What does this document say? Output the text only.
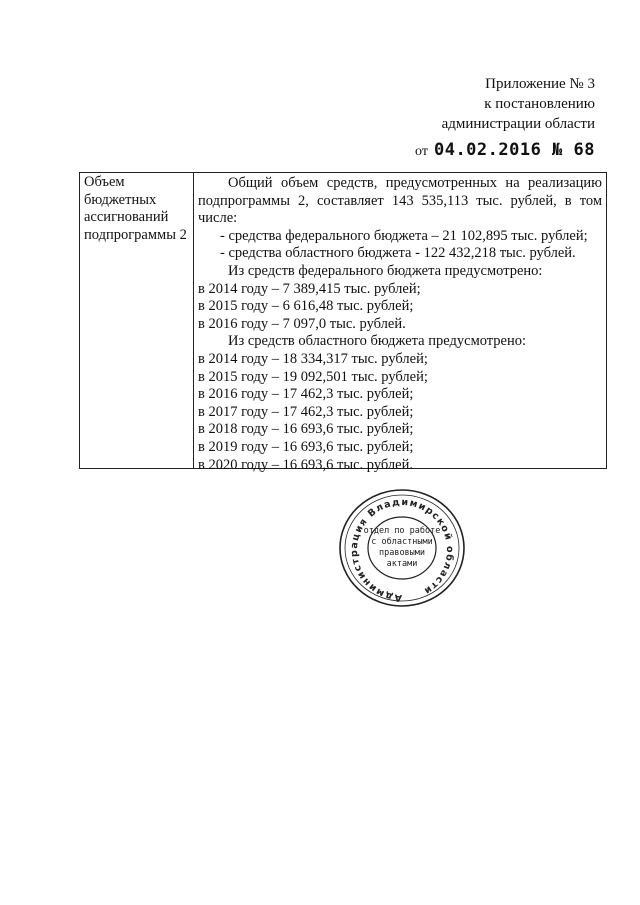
Приложение № 3
к постановлению
администрации области
от 04.02.2016 № 68
Объем
бюджетных
ассигнований
подпрограммы 2
Общий объем средств, предусмотренных на реализацию подпрограммы 2, составляет 143 535,113 тыс. рублей, в том числе:
- средства федерального бюджета – 21 102,895 тыс. рублей;
- средства областного бюджета - 122 432,218 тыс. рублей.
Из средств федерального бюджета предусмотрено:
в 2014 году – 7 389,415 тыс. рублей;
в 2015 году – 6 616,48 тыс. рублей;
в 2016 году – 7 097,0 тыс. рублей.
Из средств областного бюджета предусмотрено:
в 2014 году – 18 334,317 тыс. рублей;
в 2015 году – 19 092,501 тыс. рублей;
в 2016 году – 17 462,3 тыс. рублей;
в 2017 году – 17 462,3 тыс. рублей;
в 2018 году – 16 693,6 тыс. рублей;
в 2019 году – 16 693,6 тыс. рублей;
в 2020 году – 16 693,6 тыс. рублей.
Администрация Владимирской области
отдел по работе
с областными
правовыми
актами
